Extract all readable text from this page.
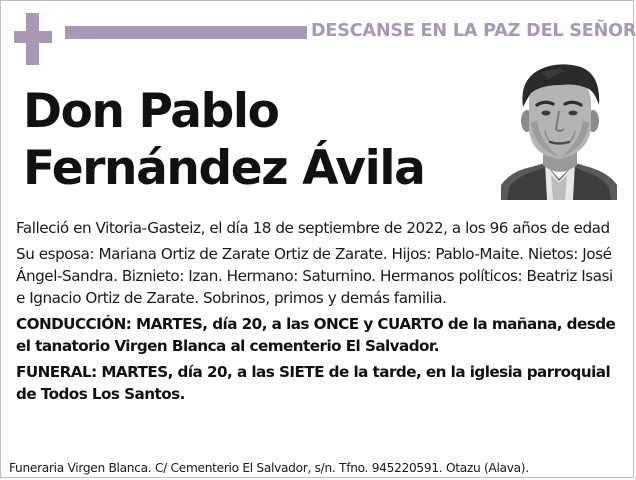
DESCANSE EN LA PAZ DEL SEÑOR
Don Pablo
Fernández Ávila

Falleció en Vitoria-Gasteiz, el día 18 de septiembre de 2022, a los 96 años de edad

Su esposa: Mariana Ortiz de Zarate Ortiz de Zarate. Hijos: Pablo-Maite. Nietos: José Ángel-Sandra. Biznieto: Izan. Hermano: Saturnino. Hermanos políticos: Beatriz Isasi e Ignacio Ortiz de Zarate. Sobrinos, primos y demás familia.

CONDUCCIÓN: MARTES, día 20, a las ONCE y CUARTO de la mañana, desde el tanatorio Virgen Blanca al cementerio El Salvador.

FUNERAL: MARTES, día 20, a las SIETE de la tarde, en la iglesia parroquial de Todos Los Santos.

Funeraria Virgen Blanca. C/ Cementerio El Salvador, s/n. Tfno. 945220591. Otazu (Alava).
